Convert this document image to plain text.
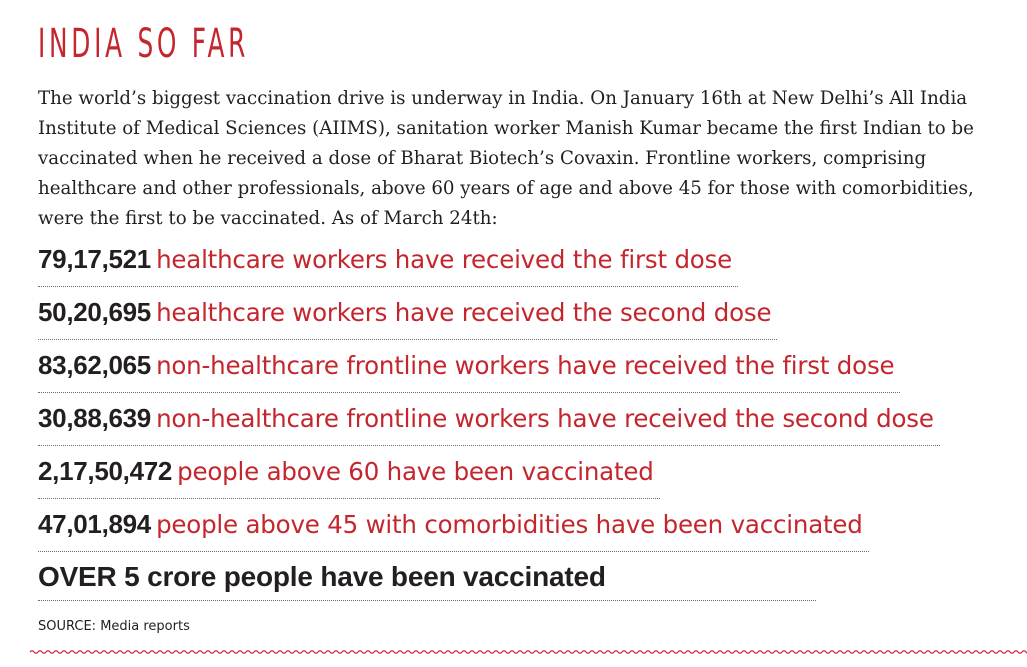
INDIA SO FAR
The world’s biggest vaccination drive is underway in India. On January 16th at New Delhi’s All India Institute of Medical Sciences (AIIMS), sanitation worker Manish Kumar became the first Indian to be vaccinated when he received a dose of Bharat Biotech’s Covaxin. Frontline workers, comprising healthcare and other professionals, above 60 years of age and above 45 for those with comorbidities, were the first to be vaccinated. As of March 24th:
79,17,521 healthcare workers have received the first dose
50,20,695 healthcare workers have received the second dose
83,62,065 non-healthcare frontline workers have received the first dose
30,88,639 non-healthcare frontline workers have received the second dose
2,17,50,472 people above 60 have been vaccinated
47,01,894 people above 45 with comorbidities have been vaccinated
OVER 5 crore people have been vaccinated
SOURCE: Media reports
